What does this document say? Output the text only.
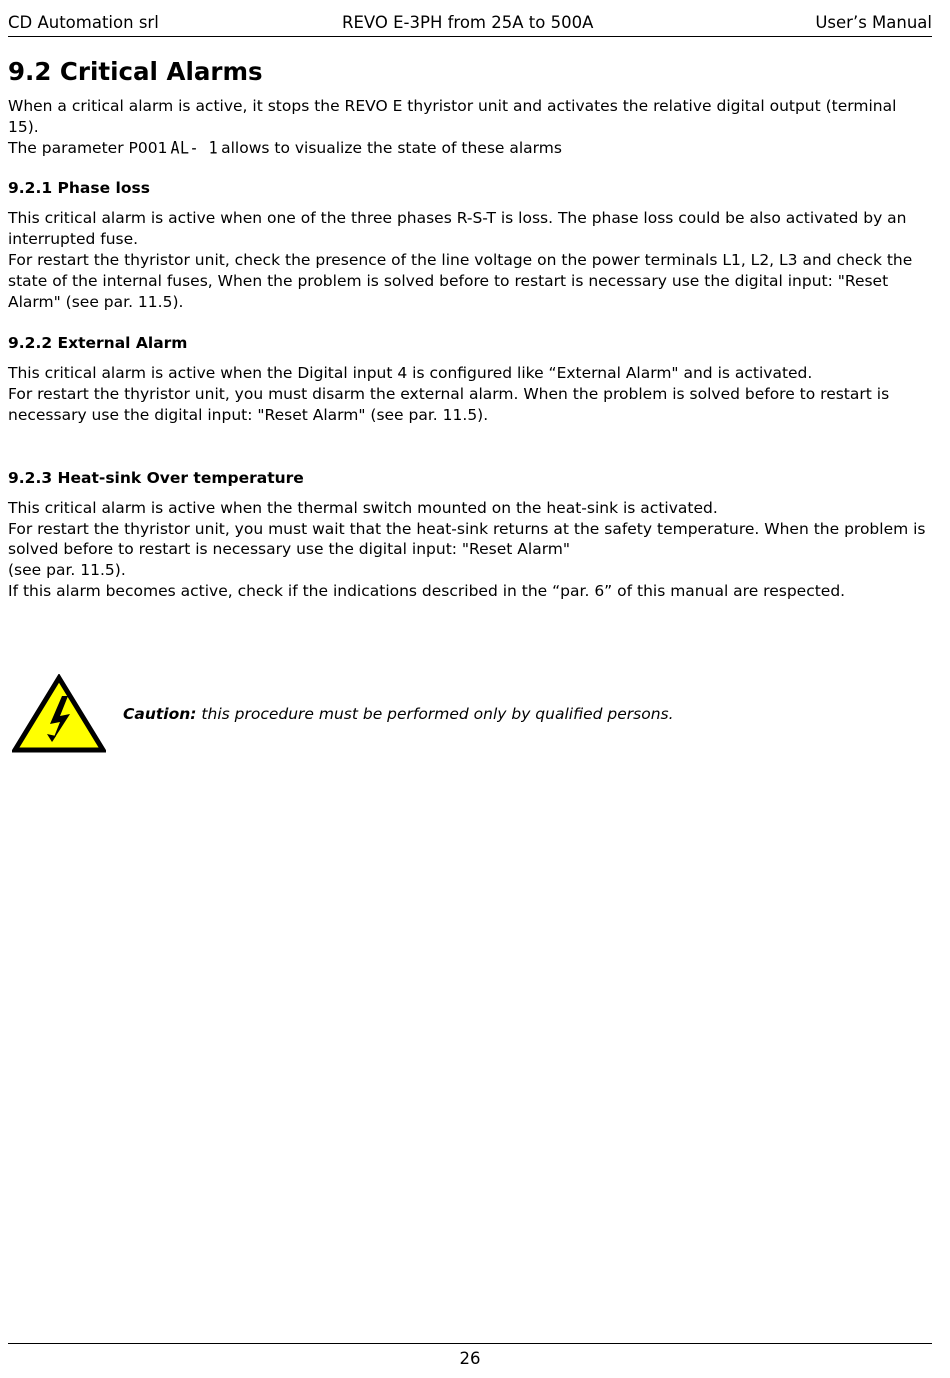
CD Automation srl	REVO E-3PH from 25A to 500A	User’s Manual
9.2 Critical Alarms

When a critical alarm is active, it stops the REVO E thyristor unit and activates the relative digital output (terminal 15).

The parameter P001 AL- 1 allows to visualize the state of these alarms

9.2.1 Phase loss

This critical alarm is active when one of the three phases R-S-T is loss. The phase loss could be also activated by an interrupted fuse.

For restart the thyristor unit, check the presence of the line voltage on the power terminals L1, L2, L3 and check the state of the internal fuses, When the problem is solved before to restart is necessary use the digital input: "Reset Alarm" (see par. 11.5).

9.2.2 External Alarm

This critical alarm is active when the Digital input 4 is configured like “External Alarm" and is activated.

For restart the thyristor unit, you must disarm the external alarm. When the problem is solved before to restart is necessary use the digital input: "Reset Alarm" (see par. 11.5).

9.2.3 Heat-sink Over temperature

This critical alarm is active when the thermal switch mounted on the heat-sink is activated.

For restart the thyristor unit, you must wait that the heat-sink returns at the safety temperature. When the problem is solved before to restart is necessary use the digital input: "Reset Alarm"

(see par. 11.5).

If this alarm becomes active, check if the indications described in the “par. 6” of this manual are respected.

Caution: this procedure must be performed only by qualified persons.
26
